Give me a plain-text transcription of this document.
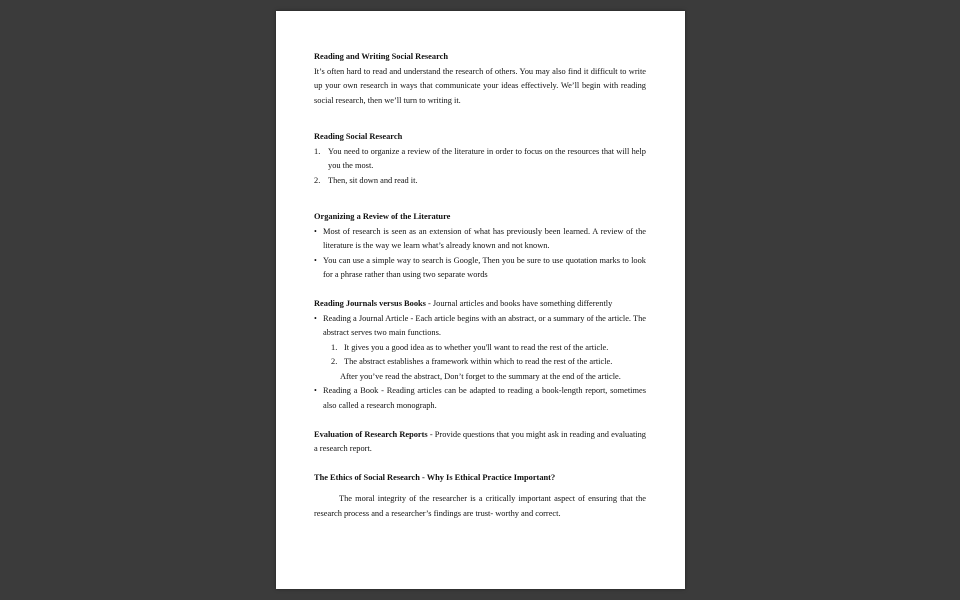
Reading and Writing Social Research

It’s often hard to read and understand the research of others. You may also find it difficult to write up your own research in ways that communicate your ideas effectively. We’ll begin with reading social research, then we’ll turn to writing it.

Reading Social Research

1. You need to organize a review of the literature in order to focus on the resources that will help you the most.
2. Then, sit down and read it.

Organizing a Review of the Literature

• Most of research is seen as an extension of what has previously been learned. A review of the literature is the way we learn what’s already known and not known.
• You can use a simple way to search is Google, Then you be sure to use quotation marks to look for a phrase rather than using two separate words

Reading Journals versus Books - Journal articles and books have something differently

• Reading a Journal Article - Each article begins with an abstract, or a summary of the article. The abstract serves two main functions.
1. It gives you a good idea as to whether you'll want to read the rest of the article.
2. The abstract establishes a framework within which to read the rest of the article.
After you’ve read the abstract, Don’t forget to the summary at the end of the article.
• Reading a Book - Reading articles can be adapted to reading a book-length report, sometimes also called a research monograph.

Evaluation of Research Reports - Provide questions that you might ask in reading and evaluating a research report.

The Ethics of Social Research - Why Is Ethical Practice Important?

The moral integrity of the researcher is a critically important aspect of ensuring that the research process and a researcher’s findings are trust- worthy and correct.
